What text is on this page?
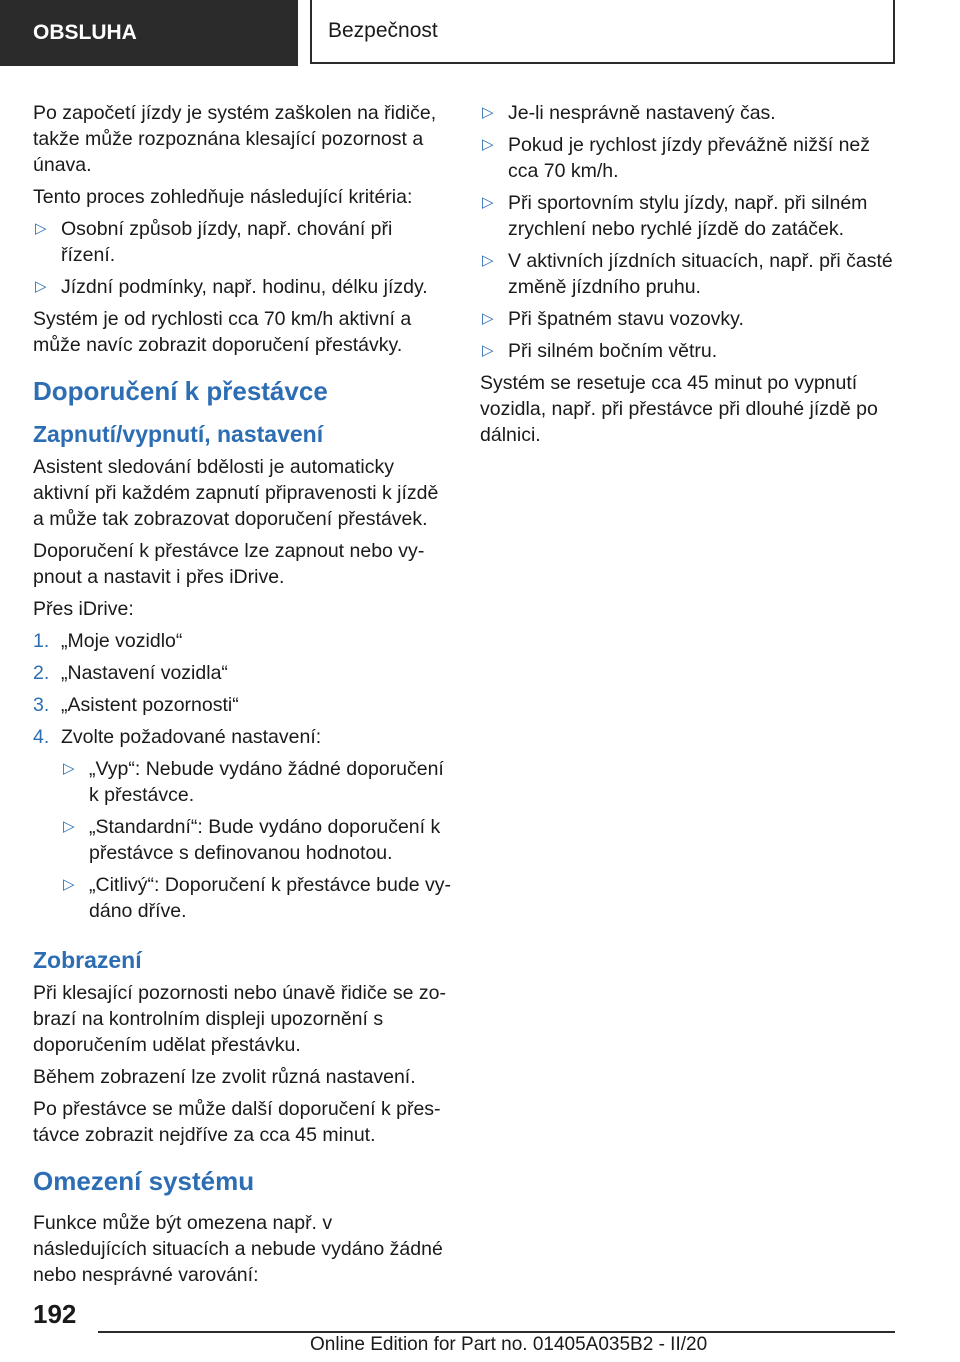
OBSLUHA	Bezpečnost

Po započetí jízdy je systém zaškolen na řidiče, takže může rozpoznána klesající pozornost a únava.

Tento proces zohledňuje následující kritéria:

▷ Osobní způsob jízdy, např. chování při řízení.
▷ Jízdní podmínky, např. hodinu, délku jízdy.

Systém je od rychlosti cca 70 km/h aktivní a může navíc zobrazit doporučení přestávky.

Doporučení k přestávce
Zapnutí/vypnutí, nastavení

Asistent sledování bdělosti je automaticky aktivní při každém zapnutí připravenosti k jízdě a může tak zobrazovat doporučení přestávek.

Doporučení k přestávce lze zapnout nebo vypnout a nastavit i přes iDrive.

Přes iDrive:

1. „Moje vozidlo“
2. „Nastavení vozidla“
3. „Asistent pozornosti“
4. Zvolte požadované nastavení:
▷ „Vyp“: Nebude vydáno žádné doporučení k přestávce.
▷ „Standardní“: Bude vydáno doporučení k přestávce s definovanou hodnotou.
▷ „Citlivý“: Doporučení k přestávce bude vydáno dříve.
Zobrazení

Při klesající pozornosti nebo únavě řidiče se zobrazí na kontrolním displeji upozornění s doporučením udělat přestávku.

Během zobrazení lze zvolit různá nastavení.

Po přestávce se může další doporučení k přestávce zobrazit nejdříve za cca 45 minut.

Omezení systému

Funkce může být omezena např. v následujících situacích a nebude vydáno žádné nebo nesprávné varování:

▷ Je-li nesprávně nastavený čas.
▷ Pokud je rychlost jízdy převážně nižší než cca 70 km/h.
▷ Při sportovním stylu jízdy, např. při silném zrychlení nebo rychlé jízdě do zatáček.
▷ V aktivních jízdních situacích, např. při časté změně jízdního pruhu.
▷ Při špatném stavu vozovky.
▷ Při silném bočním větru.

Systém se resetuje cca 45 minut po vypnutí vozidla, např. při přestávce při dlouhé jízdě po dálnici.

192
Online Edition for Part no. 01405A035B2 - II/20
